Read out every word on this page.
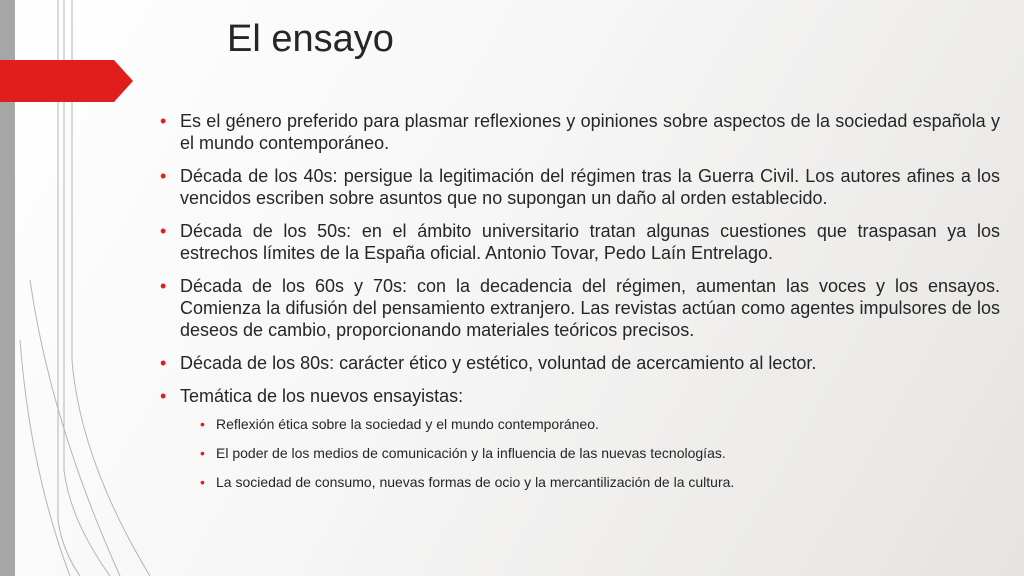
El ensayo
• Es el género preferido para plasmar reflexiones y opiniones sobre aspectos de la sociedad española y el mundo contemporáneo.
• Década de los 40s: persigue la legitimación del régimen tras la Guerra Civil. Los autores afines a los vencidos escriben sobre asuntos que no supongan un daño al orden establecido.
• Década de los 50s: en el ámbito universitario tratan algunas cuestiones que traspasan ya los estrechos límites de la España oficial. Antonio Tovar, Pedo Laín Entrelago.
• Década de los 60s y 70s: con la decadencia del régimen, aumentan las voces y los ensayos. Comienza la difusión del pensamiento extranjero. Las revistas actúan como agentes impulsores de los deseos de cambio, proporcionando materiales teóricos precisos.
• Década de los 80s: carácter ético y estético, voluntad de acercamiento al lector.
• Temática de los nuevos ensayistas:
• Reflexión ética sobre la sociedad y el mundo contemporáneo.
• El poder de los medios de comunicación y la influencia de las nuevas tecnologías.
• La sociedad de consumo, nuevas formas de ocio y la mercantilización de la cultura.
